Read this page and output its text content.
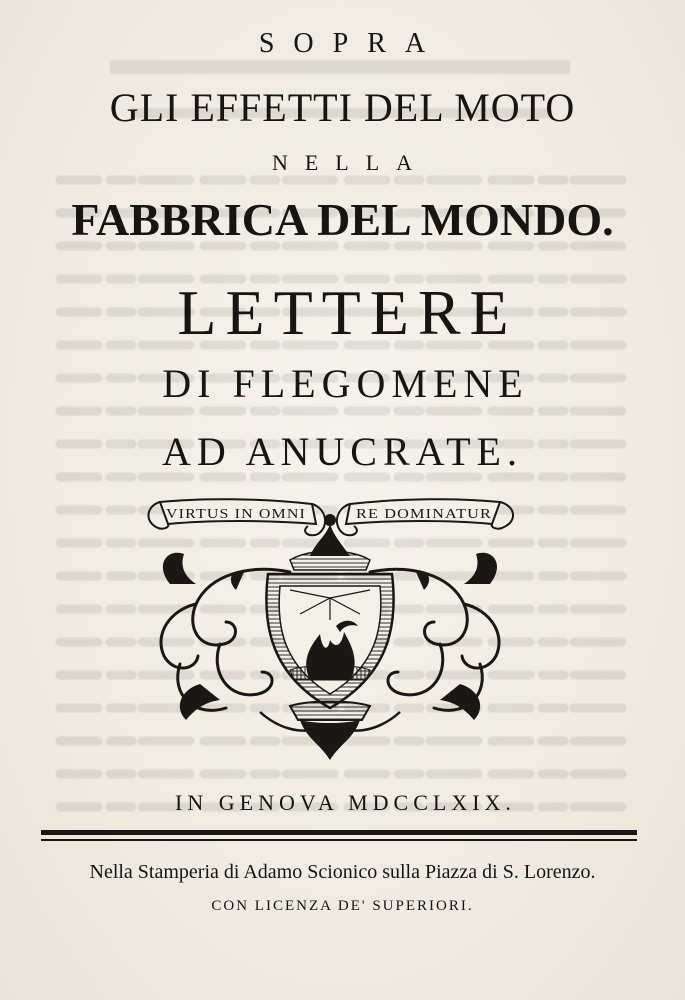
SOPRA
GLI EFFETTI DEL MOTO
NELLA
FABBRICA DEL MONDO.
LETTERE
DI FLEGOMENE
AD ANUCRATE.
VIRTUS IN OMNI	RE DOMINATUR
IN GENOVA MDCCLXIX.
Nella Stamperia di Adamo Scionico sulla Piazza di S. Lorenzo.
CON LICENZA DE' SUPERIORI.
